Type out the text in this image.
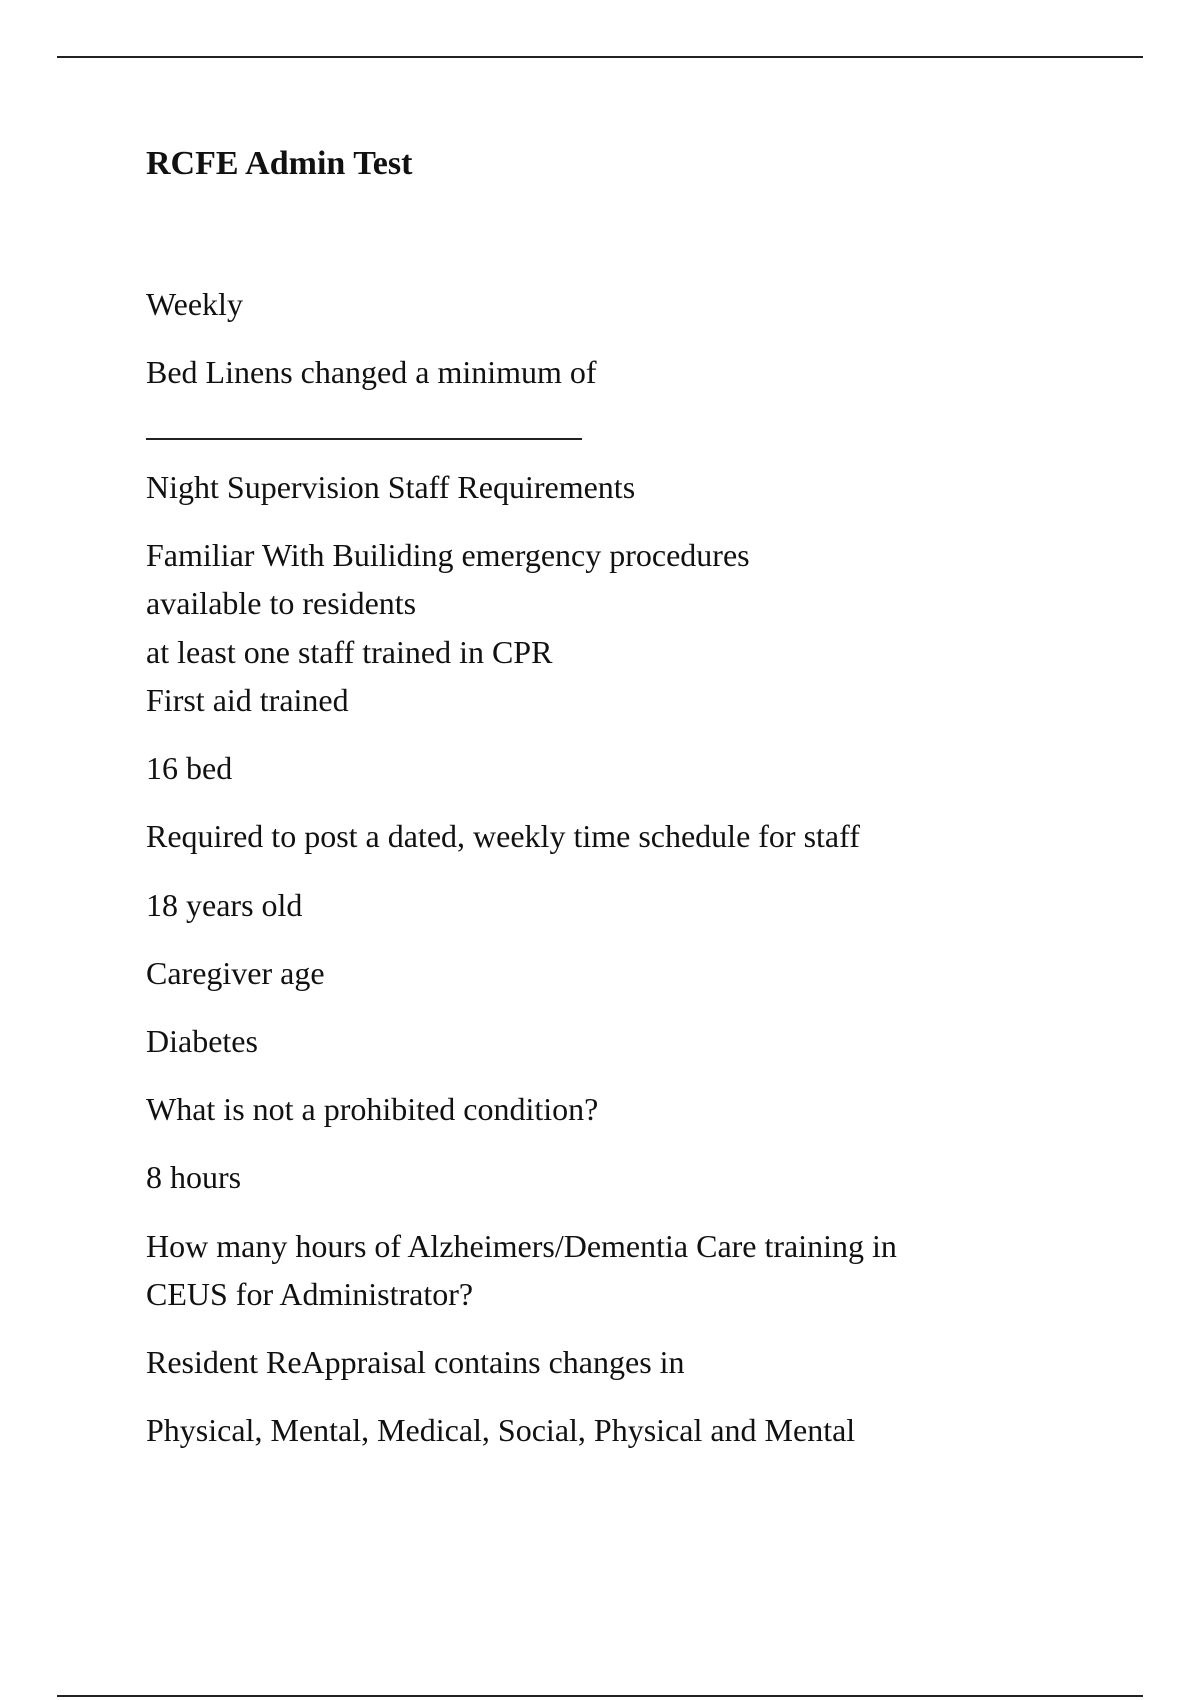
RCFE Admin Test

Weekly

Bed Linens changed a minimum of

Night Supervision Staff Requirements

Familiar With Builiding emergency procedures

available to residents

at least one staff trained in CPR

First aid trained

16 bed

Required to post a dated, weekly time schedule for staff

18 years old

Caregiver age

Diabetes

What is not a prohibited condition?

8 hours

How many hours of Alzheimers/Dementia Care training in

CEUS for Administrator?

Resident ReAppraisal contains changes in

Physical, Mental, Medical, Social, Physical and Mental
